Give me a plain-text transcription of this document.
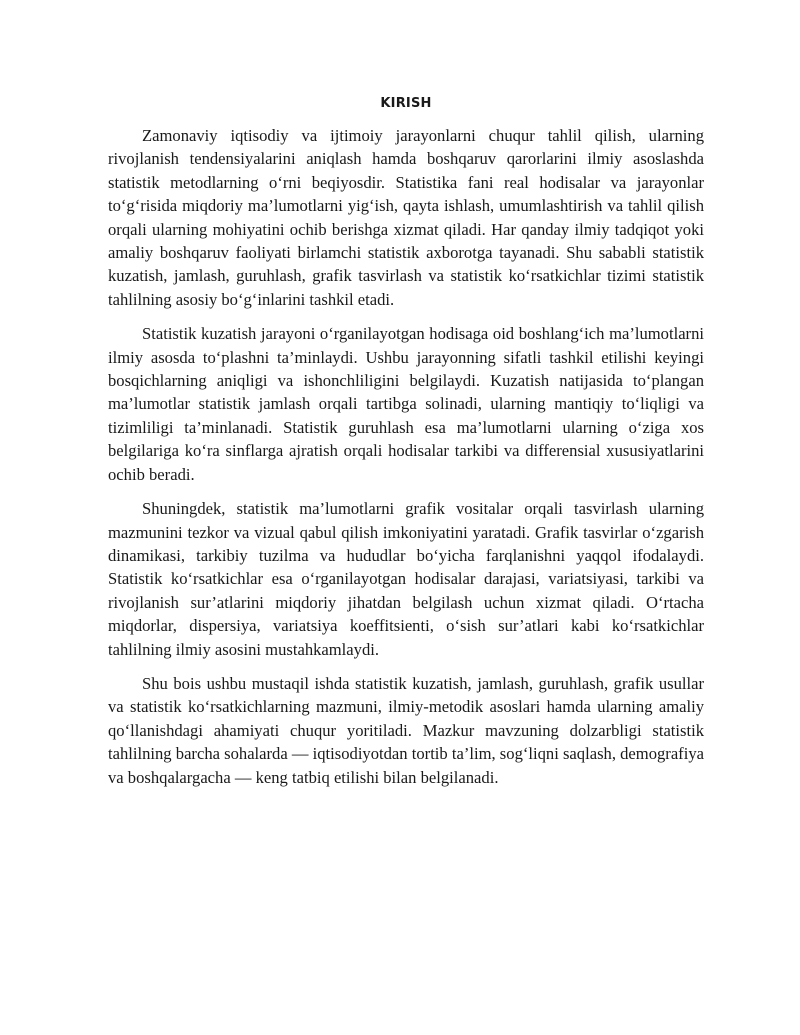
KIRISH

Zamonaviy iqtisodiy va ijtimoiy jarayonlarni chuqur tahlil qilish, ularning rivojlanish tendensiyalarini aniqlash hamda boshqaruv qarorlarini ilmiy asoslashda statistik metodlarning o‘rni beqiyosdir. Statistika fani real hodisalar va jarayonlar to‘g‘risida miqdoriy ma’lumotlarni yig‘ish, qayta ishlash, umumlashtirish va tahlil qilish orqali ularning mohiyatini ochib berishga xizmat qiladi. Har qanday ilmiy tadqiqot yoki amaliy boshqaruv faoliyati birlamchi statistik axborotga tayanadi. Shu sababli statistik kuzatish, jamlash, guruhlash, grafik tasvirlash va statistik ko‘rsatkichlar tizimi statistik tahlilning asosiy bo‘g‘inlarini tashkil etadi.

Statistik kuzatish jarayoni o‘rganilayotgan hodisaga oid boshlang‘ich ma’lumotlarni ilmiy asosda to‘plashni ta’minlaydi. Ushbu jarayonning sifatli tashkil etilishi keyingi bosqichlarning aniqligi va ishonchliligini belgilaydi. Kuzatish natijasida to‘plangan ma’lumotlar statistik jamlash orqali tartibga solinadi, ularning mantiqiy to‘liqligi va tizimliligi ta’minlanadi. Statistik guruhlash esa ma’lumotlarni ularning o‘ziga xos belgilariga ko‘ra sinflarga ajratish orqali hodisalar tarkibi va differensial xususiyatlarini ochib beradi.

Shuningdek, statistik ma’lumotlarni grafik vositalar orqali tasvirlash ularning mazmunini tezkor va vizual qabul qilish imkoniyatini yaratadi. Grafik tasvirlar o‘zgarish dinamikasi, tarkibiy tuzilma va hududlar bo‘yicha farqlanishni yaqqol ifodalaydi. Statistik ko‘rsatkichlar esa o‘rganilayotgan hodisalar darajasi, variatsiyasi, tarkibi va rivojlanish sur’atlarini miqdoriy jihatdan belgilash uchun xizmat qiladi. O‘rtacha miqdorlar, dispersiya, variatsiya koeffitsienti, o‘sish sur’atlari kabi ko‘rsatkichlar tahlilning ilmiy asosini mustahkamlaydi.

Shu bois ushbu mustaqil ishda statistik kuzatish, jamlash, guruhlash, grafik usullar va statistik ko‘rsatkichlarning mazmuni, ilmiy-metodik asoslari hamda ularning amaliy qo‘llanishdagi ahamiyati chuqur yoritiladi. Mazkur mavzuning dolzarbligi statistik tahlilning barcha sohalarda — iqtisodiyotdan tortib ta’lim, sog‘liqni saqlash, demografiya va boshqalargacha — keng tatbiq etilishi bilan belgilanadi.
